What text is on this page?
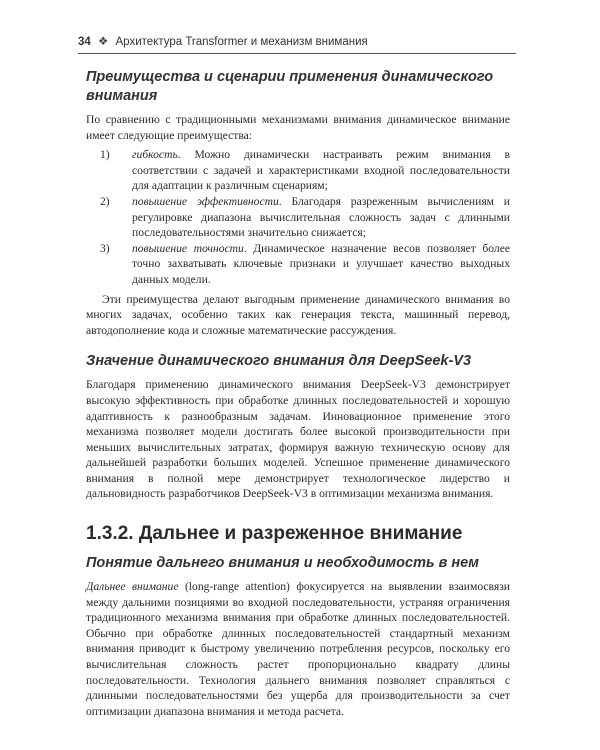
34 ❖ Архитектура Transformer и механизм внимания
Преимущества и сценарии применения динамического внимания

По сравнению с традиционными механизмами внимания динамическое внимание имеет следующие преимущества:

1) гибкость. Можно динамически настраивать режим внимания в соответствии с задачей и характеристиками входной последовательности для адаптации к различным сценариям;
2) повышение эффективности. Благодаря разреженным вычислениям и регулировке диапазона вычислительная сложность задач с длинными последовательностями значительно снижается;
3) повышение точности. Динамическое назначение весов позволяет более точно захватывать ключевые признаки и улучшает качество выходных данных модели.

Эти преимущества делают выгодным применение динамического внимания во многих задачах, особенно таких как генерация текста, машинный перевод, автодополнение кода и сложные математические рассуждения.

Значение динамического внимания для DeepSeek-V3

Благодаря применению динамического внимания DeepSeek-V3 демонстрирует высокую эффективность при обработке длинных последовательностей и хорошую адаптивность к разнообразным задачам. Инновационное применение этого механизма позволяет модели достигать более высокой производительности при меньших вычислительных затратах, формируя важную техническую основу для дальнейшей разработки больших моделей. Успешное применение динамического внимания в полной мере демонстрирует технологическое лидерство и дальновидность разработчиков DeepSeek-V3 в оптимизации механизма внимания.

1.3.2. Дальнее и разреженное внимание
Понятие дальнего внимания и необходимость в нем

Дальнее внимание (long-range attention) фокусируется на выявлении взаимосвязи между дальними позициями во входной последовательности, устраняя ограничения традиционного механизма внимания при обработке длинных последовательностей. Обычно при обработке длинных последовательностей стандартный механизм внимания приводит к быстрому увеличению потребления ресурсов, поскольку его вычислительная сложность растет пропорционально квадрату длины последовательности. Технология дальнего внимания позволяет справляться с длинными последовательностями без ущерба для производительности за счет оптимизации диапазона внимания и метода расчета.
